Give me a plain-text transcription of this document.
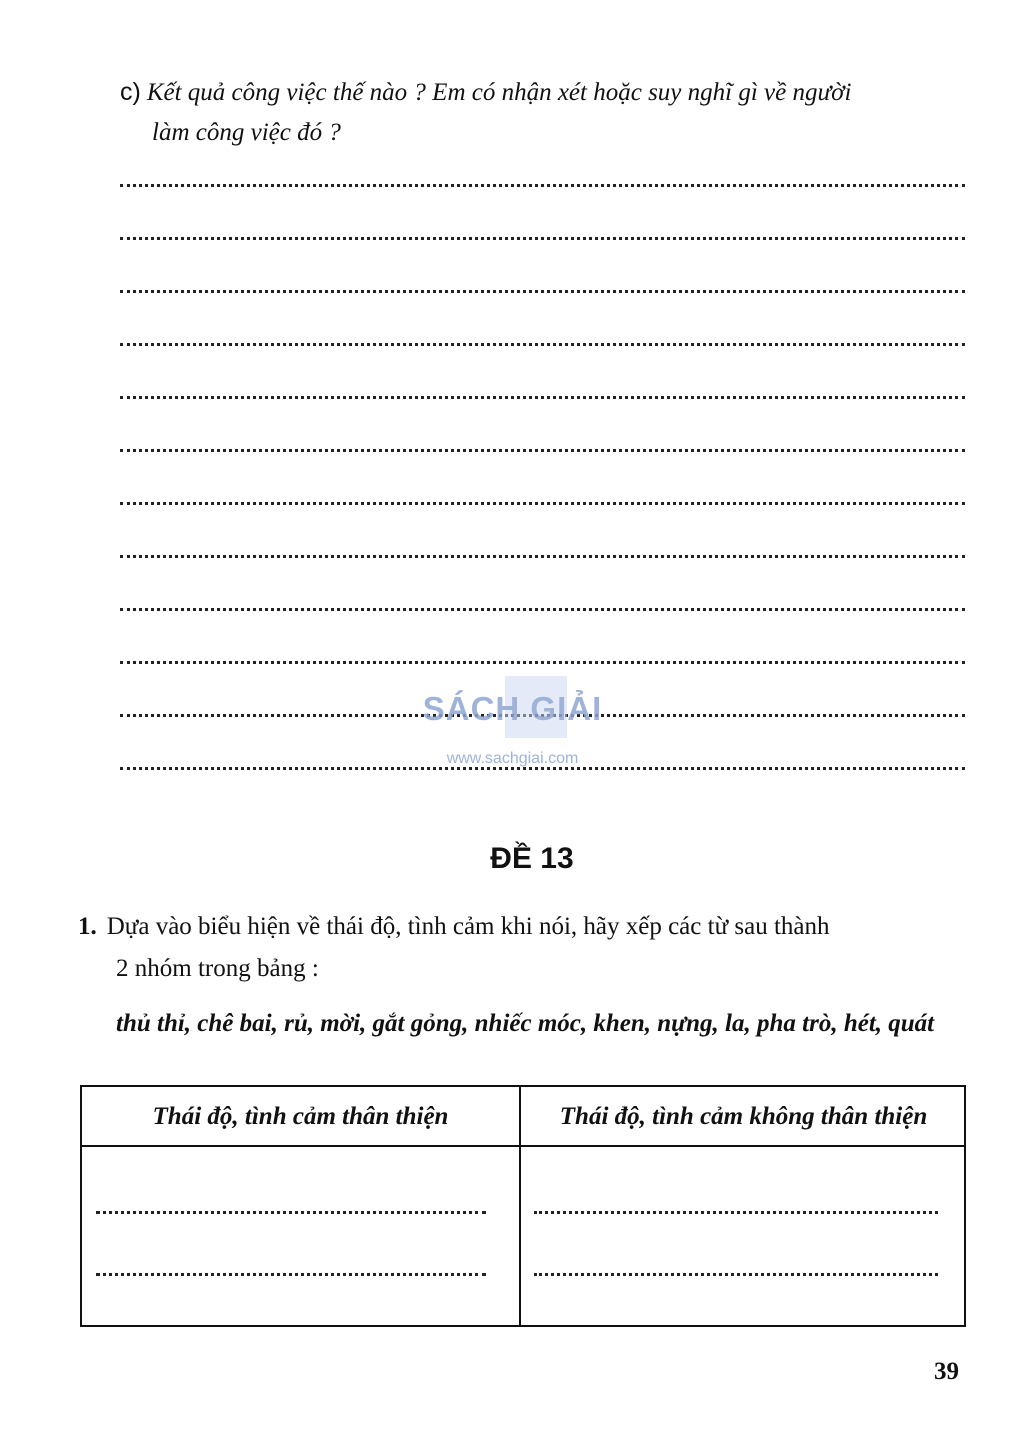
c) Kết quả công việc thế nào ? Em có nhận xét hoặc suy nghĩ gì về người
làm công việc đó ?
SÁCH GIẢI
www.sachgiai.com
ĐỀ 13
1. Dựa vào biểu hiện về thái độ, tình cảm khi nói, hãy xếp các từ sau thành
2 nhóm trong bảng :
thủ thỉ, chê bai, rủ, mời, gắt gỏng, nhiếc móc, khen, nựng, la, pha trò, hét, quát
Thái độ, tình cảm thân thiện	Thái độ, tình cảm không thân thiện
39
